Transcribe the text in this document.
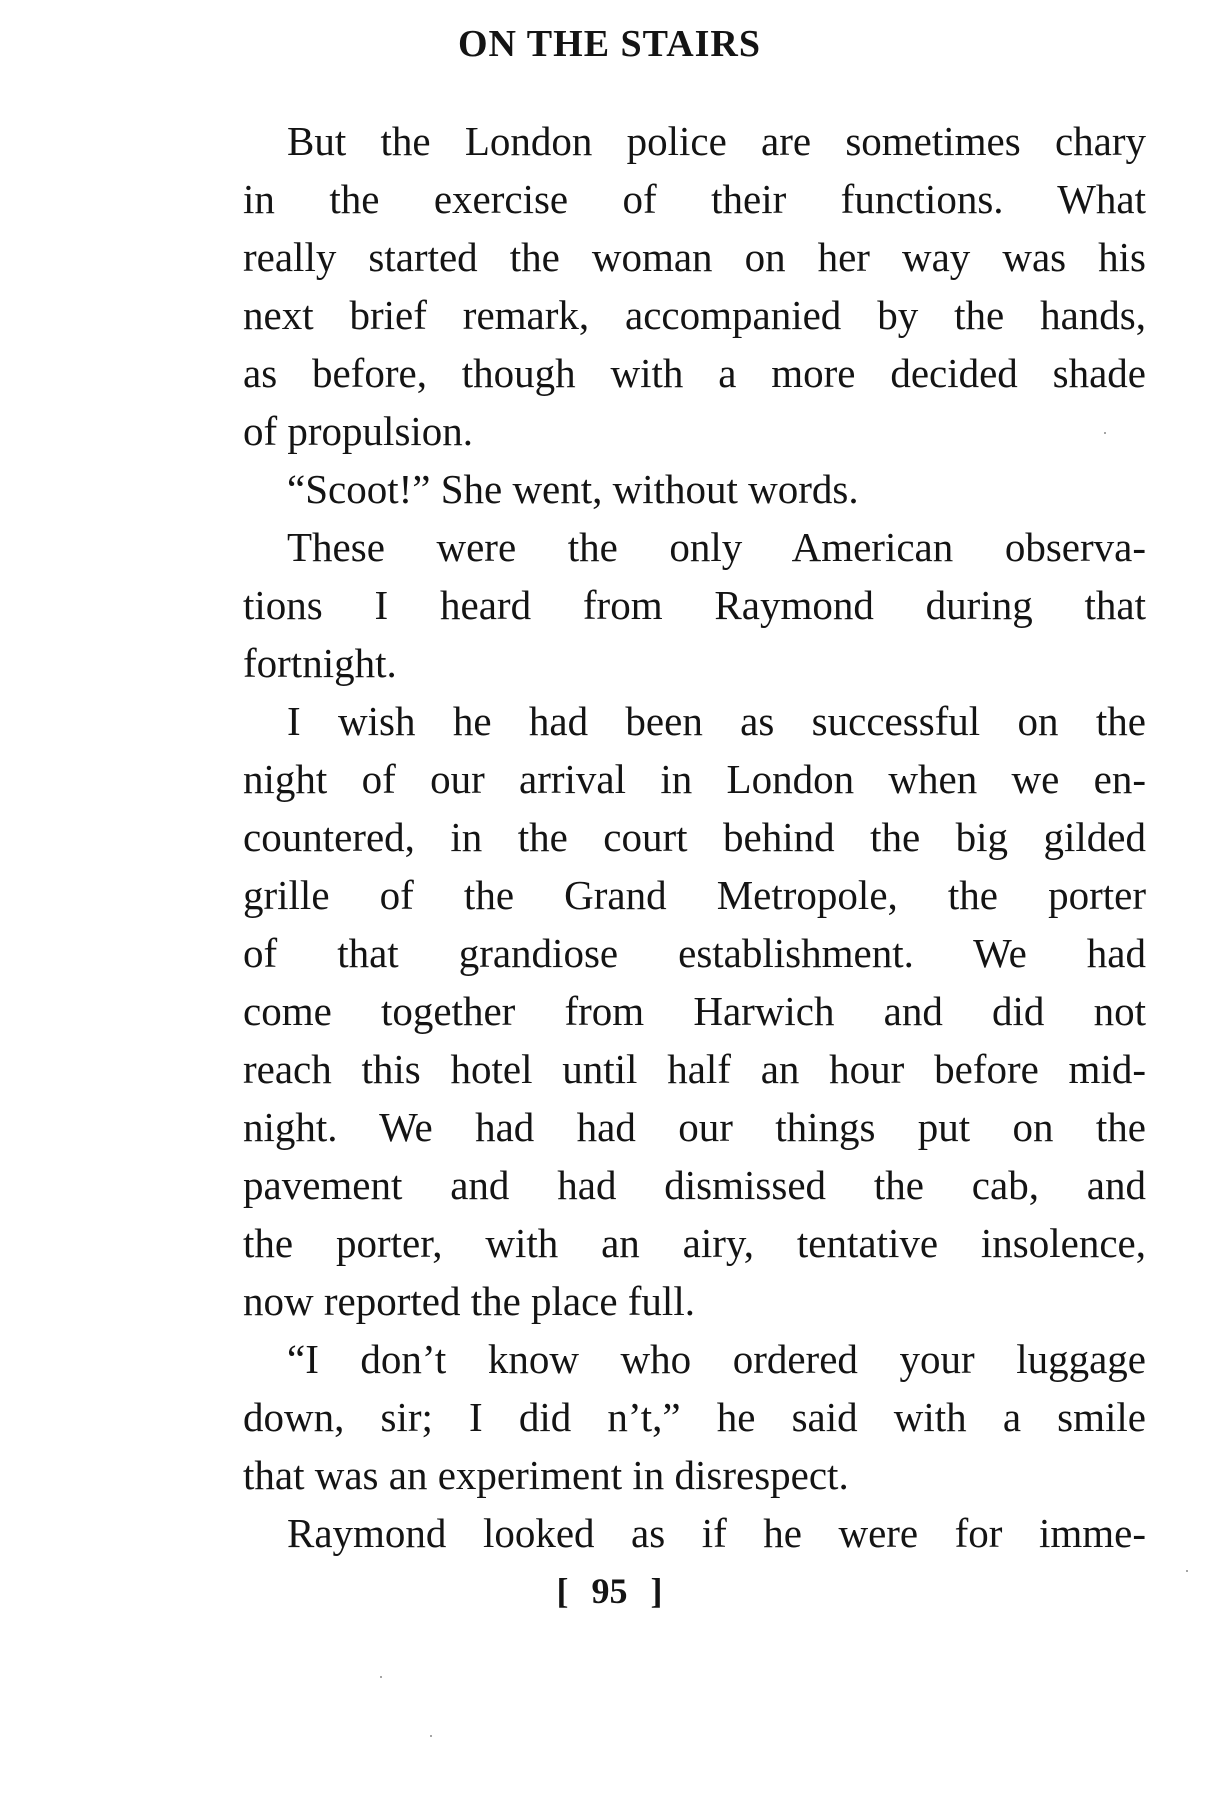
ON THE STAIRS
But the London police are sometimes chary
in the exercise of their functions. What
really started the woman on her way was his
next brief remark, accompanied by the hands,
as before, though with a more decided shade
of propulsion.
“Scoot!” She went, without words.
These were the only American observa-
tions I heard from Raymond during that
fortnight.
I wish he had been as successful on the
night of our arrival in London when we en-
countered, in the court behind the big gilded
grille of the Grand Metropole, the porter
of that grandiose establishment. We had
come together from Harwich and did not
reach this hotel until half an hour before mid-
night. We had had our things put on the
pavement and had dismissed the cab, and
the porter, with an airy, tentative insolence,
now reported the place full.
“I don’t know who ordered your luggage
down, sir; I did n’t,” he said with a smile
that was an experiment in disrespect.
Raymond looked as if he were for imme-
[ 95 ]
